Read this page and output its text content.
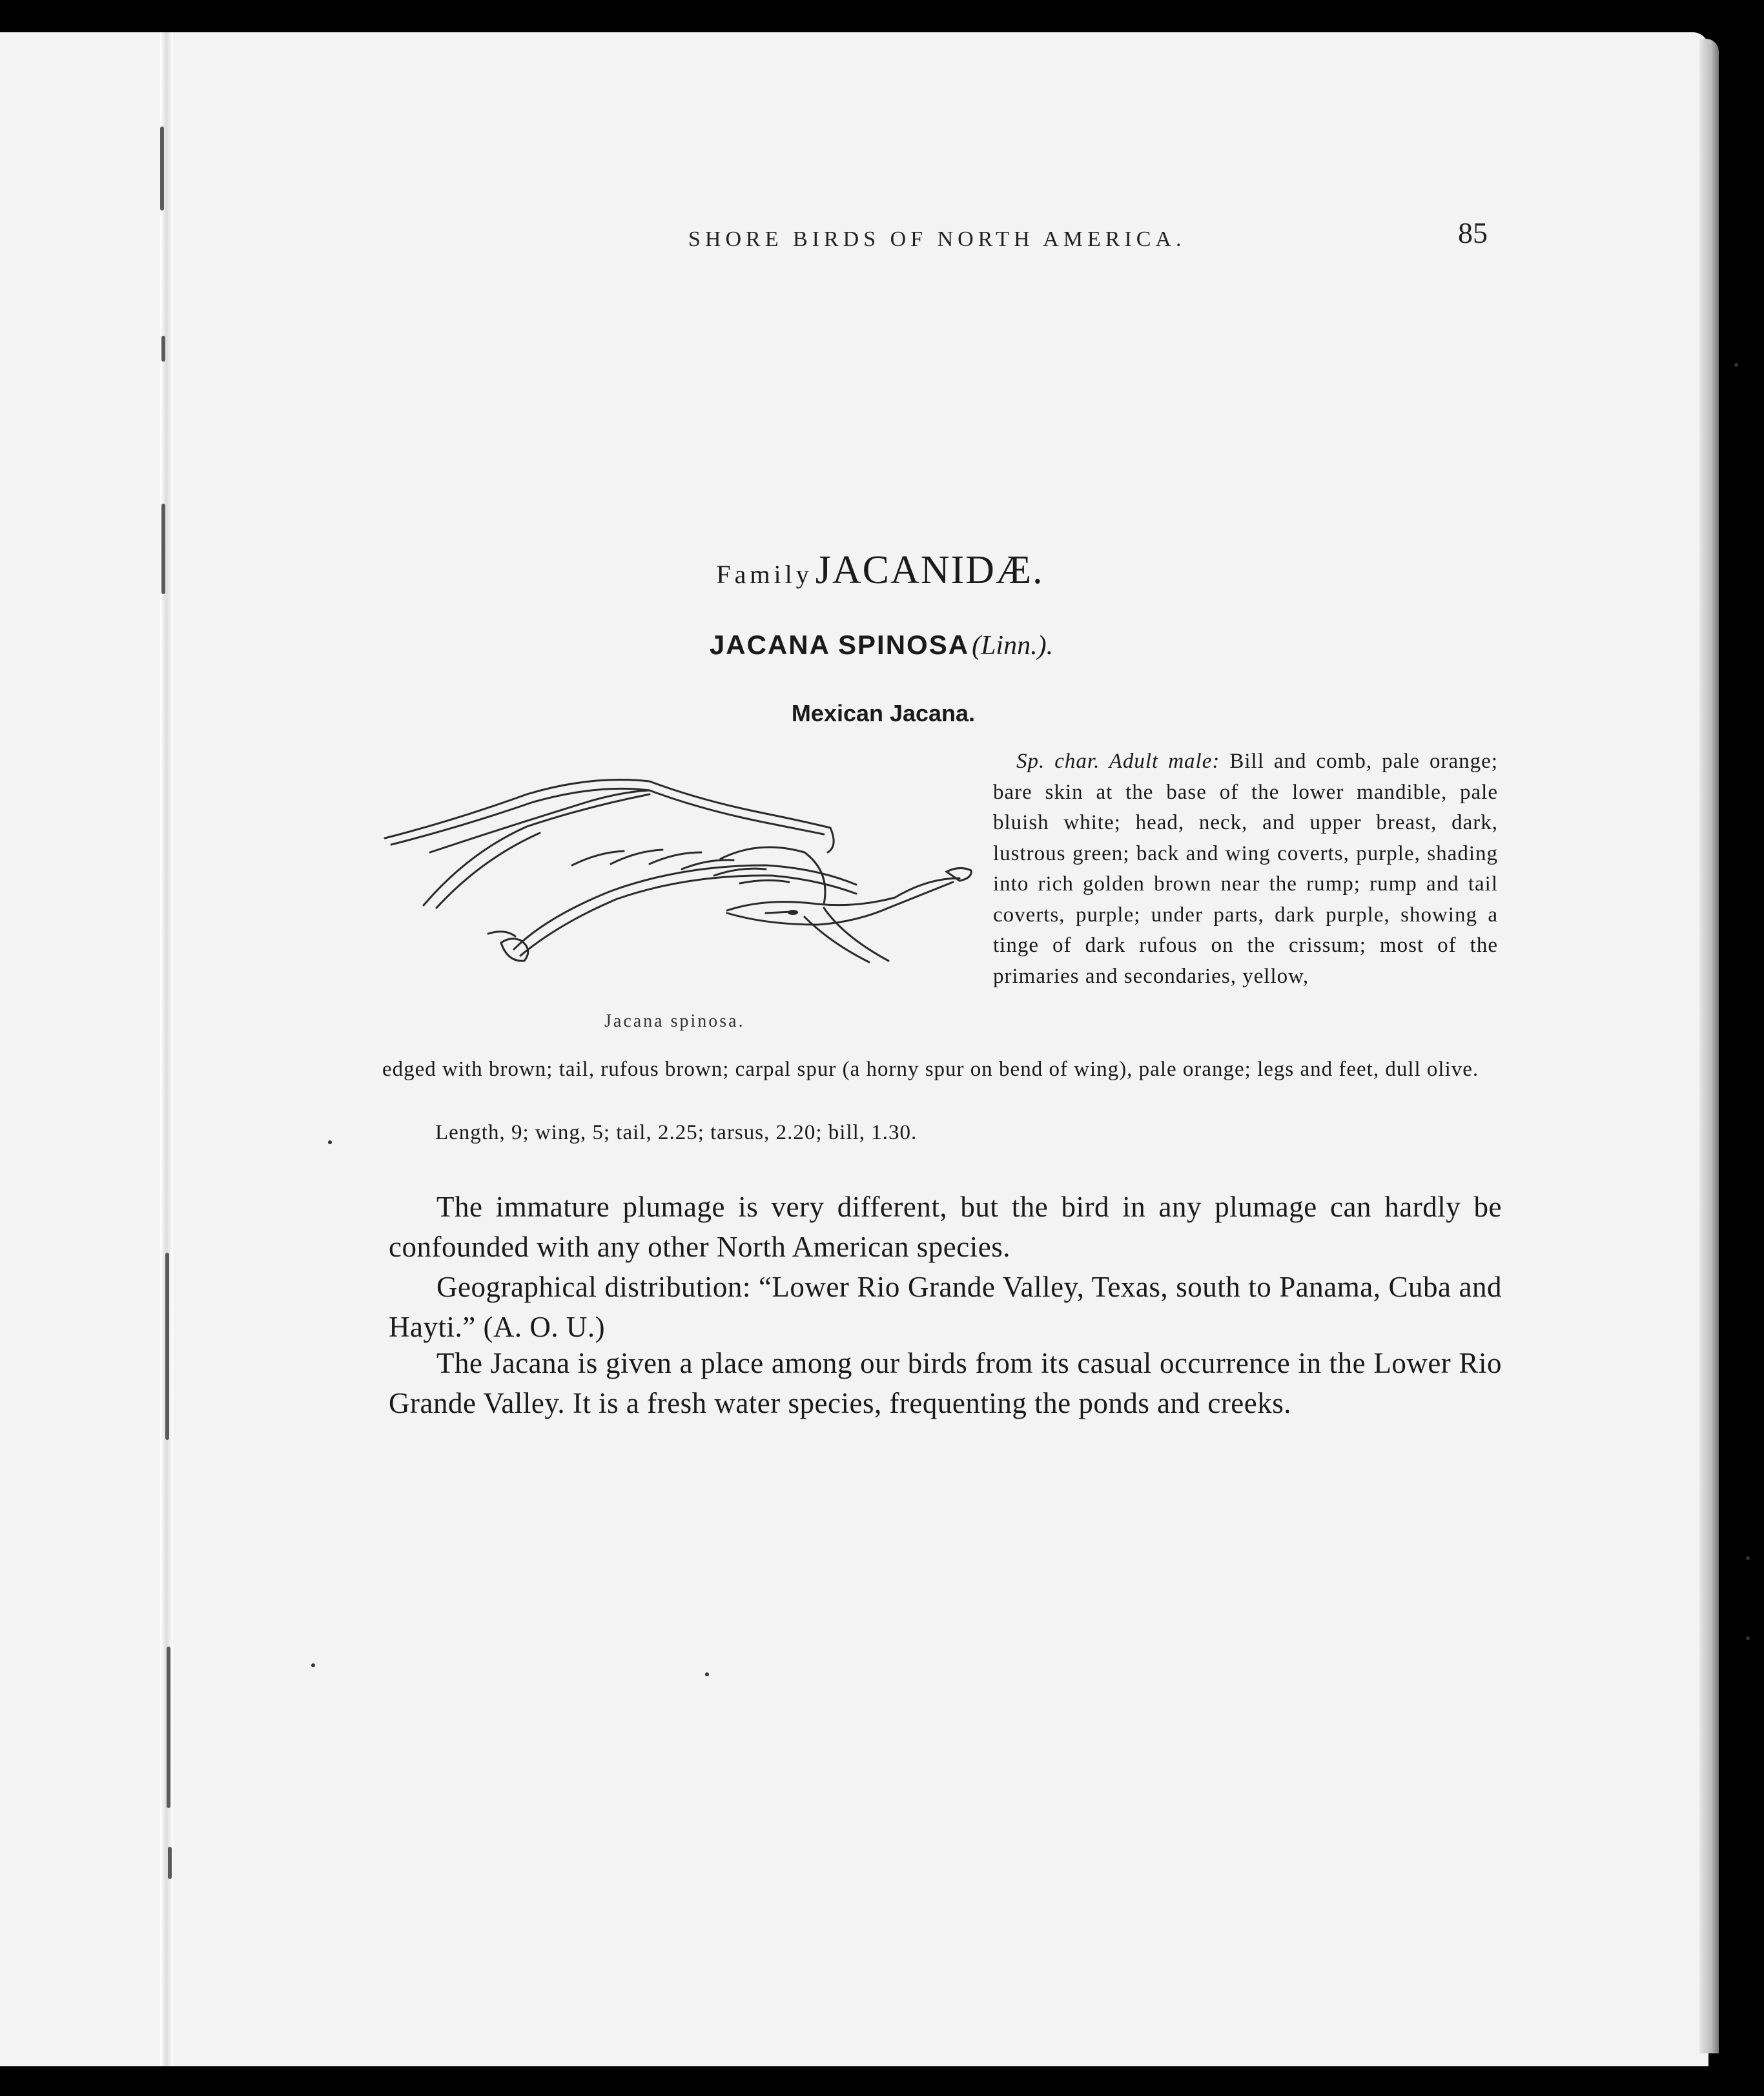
SHORE BIRDS OF NORTH AMERICA.	85
Family JACANIDÆ.
JACANA SPINOSA (Linn.).
Mexican Jacana.
Jacana spinosa.
Sp. char. Adult male: Bill and comb, pale orange; bare skin at the base of the lower mandible, pale bluish white; head, neck, and upper breast, dark, lustrous green; back and wing coverts, purple, shading into rich golden brown near the rump; rump and tail coverts, purple; under parts, dark purple, showing a tinge of dark rufous on the crissum; most of the primaries and secondaries, yellow,
edged with brown; tail, rufous brown; carpal spur (a horny spur on bend of wing), pale orange; legs and feet, dull olive.
Length, 9; wing, 5; tail, 2.25; tarsus, 2.20; bill, 1.30.
The immature plumage is very different, but the bird in any plumage can hardly be confounded with any other North American species.
Geographical distribution: “Lower Rio Grande Valley, Texas, south to Panama, Cuba and Hayti.” (A. O. U.)
The Jacana is given a place among our birds from its casual occurrence in the Lower Rio Grande Valley. It is a fresh water species, frequenting the ponds and creeks.
